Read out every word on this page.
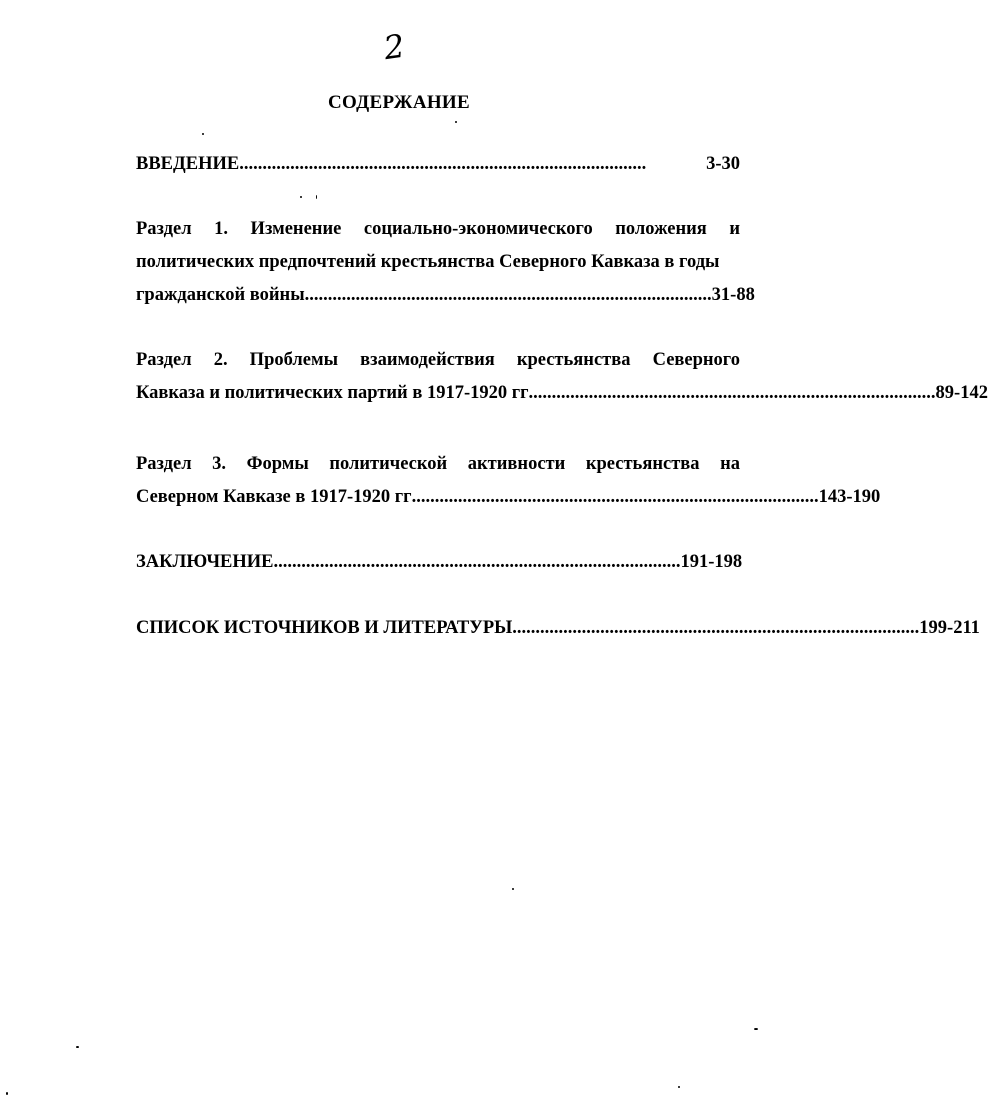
2
СОДЕРЖАНИЕ
ВВЕДЕНИЕ ........................................................................................	3-30
Раздел 1. Изменение социально-экономического положения и
политических предпочтений крестьянства Северного Кавказа в годы
гражданской войны ........................................................................................ 31-88
Раздел 2. Проблемы взаимодействия крестьянства Северного
Кавказа и политических партий в 1917-1920 гг ........................................................................................ 89-142
Раздел 3. Формы политической активности крестьянства на
Северном Кавказе в 1917-1920 гг ........................................................................................ 143-190
ЗАКЛЮЧЕНИЕ ........................................................................................ 191-198
СПИСОК ИСТОЧНИКОВ И ЛИТЕРАТУРЫ ........................................................................................ 199-211
